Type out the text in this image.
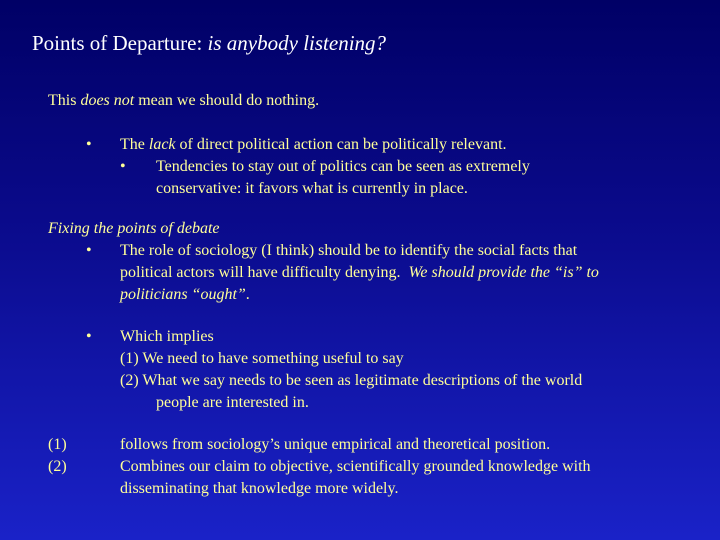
Points of Departure: is anybody listening?
This does not mean we should do nothing.
• The lack of direct political action can be politically relevant.
• Tendencies to stay out of politics can be seen as extremely
conservative: it favors what is currently in place.
Fixing the points of debate
• The role of sociology (I think) should be to identify the social facts that
political actors will have difficulty denying.  We should provide the “is” to
politicians “ought”.
• Which implies
(1) We need to have something useful to say
(2) What we say needs to be seen as legitimate descriptions of the world
people are interested in.
(1)	follows from sociology’s unique empirical and theoretical position.
(2)	Combines our claim to objective, scientifically grounded knowledge with
disseminating that knowledge more widely.
